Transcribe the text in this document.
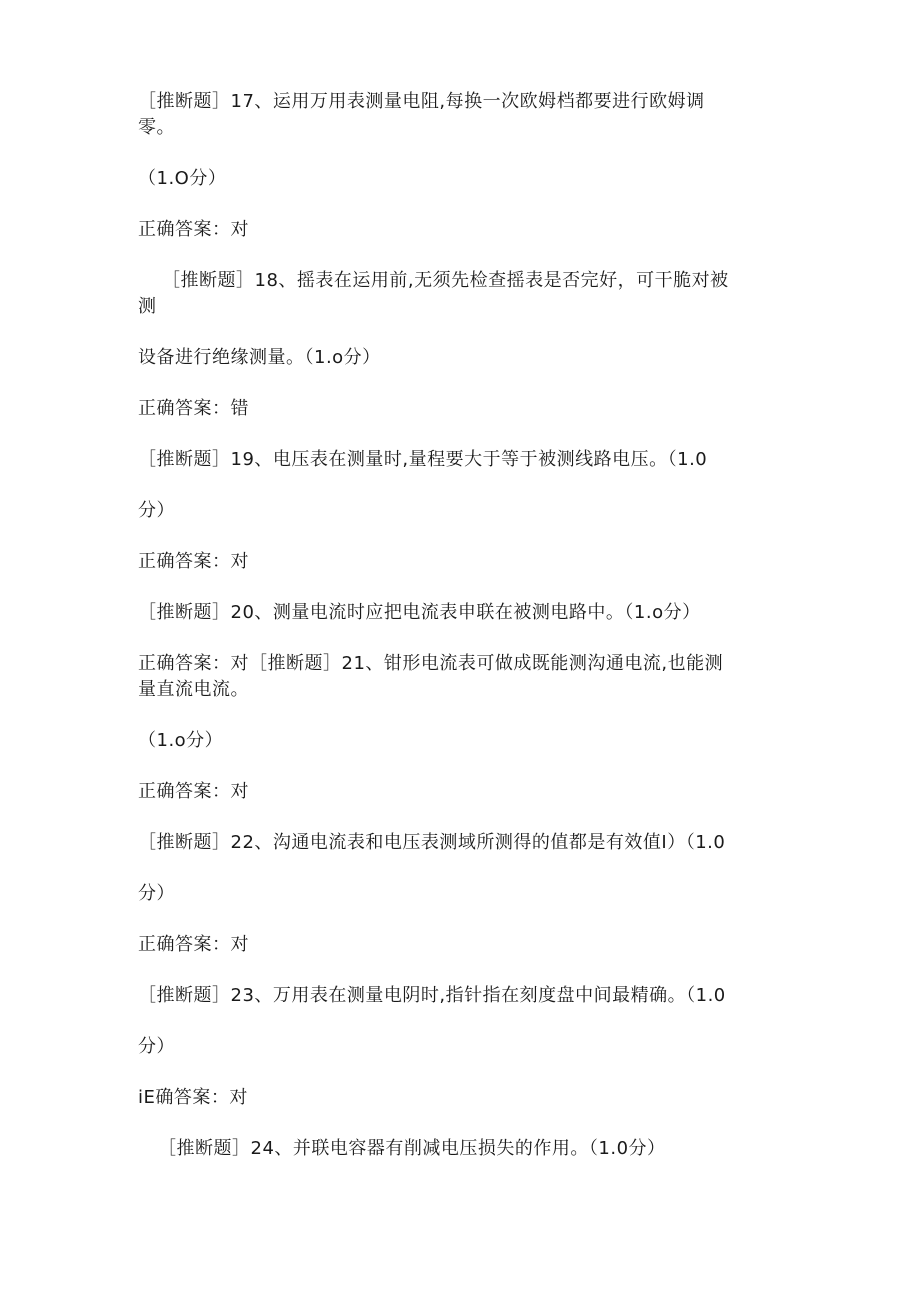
［推断题］17、运用万用表测量电阻,每换一次欧姆档都要进行欧姆调
零。
（1.O分）
正确答案：对
［推断题］18、摇表在运用前,无须先检查摇表是否完好，可干脆对被
测
设备进行绝缘测量。（1.o分）
正确答案：错
［推断题］19、电压表在测量时,量程要大于等于被测线路电压。（1.0
分）
正确答案：对
［推断题］20、测量电流时应把电流表申联在被测电路中。（1.o分）
正确答案：对［推断题］21、钳形电流表可做成既能测沟通电流,也能测
量直流电流。
（1.o分）
正确答案：对
［推断题］22、沟通电流表和电压表测域所测得的值都是有效值I）（1.0
分）
正确答案：对
［推断题］23、万用表在测量电阴时,指针指在刻度盘中间最精确。（1.0
分）
iE确答案：对
［推断题］24、并联电容器有削减电压损失的作用。（1.0分）
